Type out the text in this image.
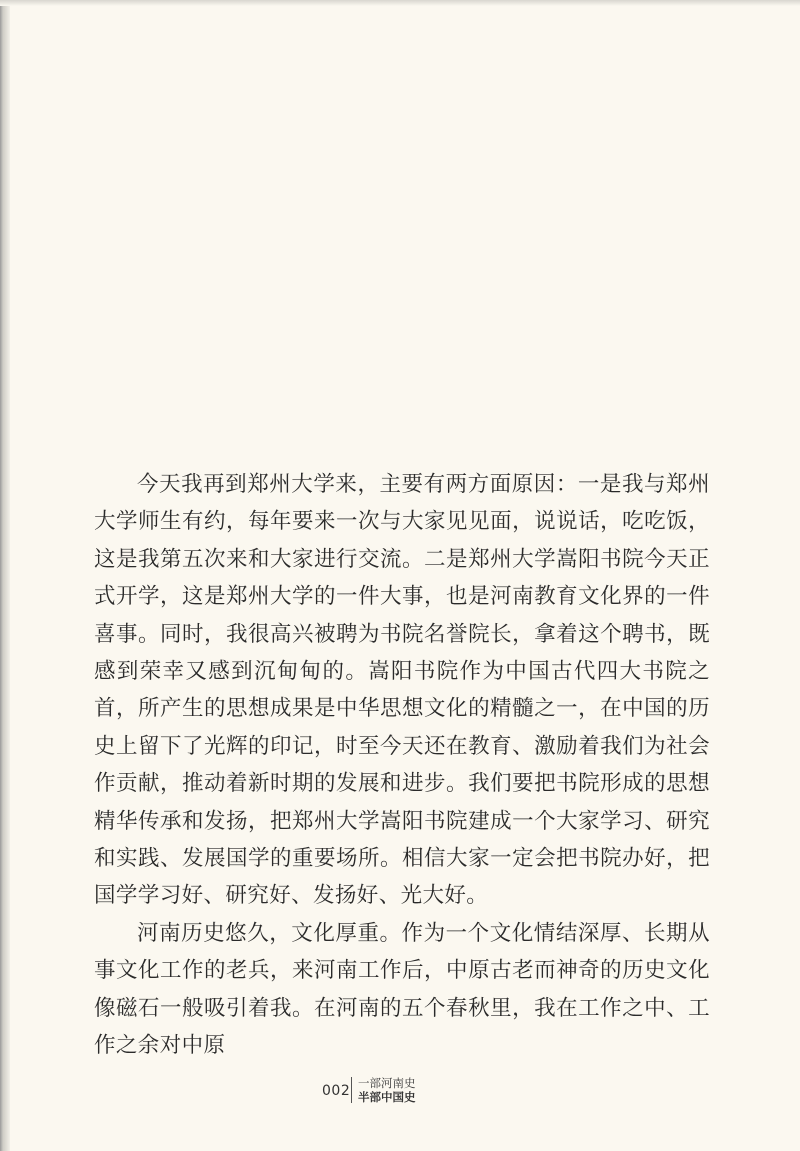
今天我再到郑州大学来，主要有两方面原因：一是我与郑州大学师生有约，每年要来一次与大家见见面，说说话，吃吃饭，这是我第五次来和大家进行交流。二是郑州大学嵩阳书院今天正式开学，这是郑州大学的一件大事，也是河南教育文化界的一件喜事。同时，我很高兴被聘为书院名誉院长，拿着这个聘书，既感到荣幸又感到沉甸甸的。嵩阳书院作为中国古代四大书院之首，所产生的思想成果是中华思想文化的精髓之一，在中国的历史上留下了光辉的印记，时至今天还在教育、激励着我们为社会作贡献，推动着新时期的发展和进步。我们要把书院形成的思想精华传承和发扬，把郑州大学嵩阳书院建成一个大家学习、研究和实践、发展国学的重要场所。相信大家一定会把书院办好，把国学学习好、研究好、发扬好、光大好。

河南历史悠久，文化厚重。作为一个文化情结深厚、长期从事文化工作的老兵，来河南工作后，中原古老而神奇的历史文化像磁石一般吸引着我。在河南的五个春秋里，我在工作之中、工作之余对中原

002 一部河南史
半部中国史
